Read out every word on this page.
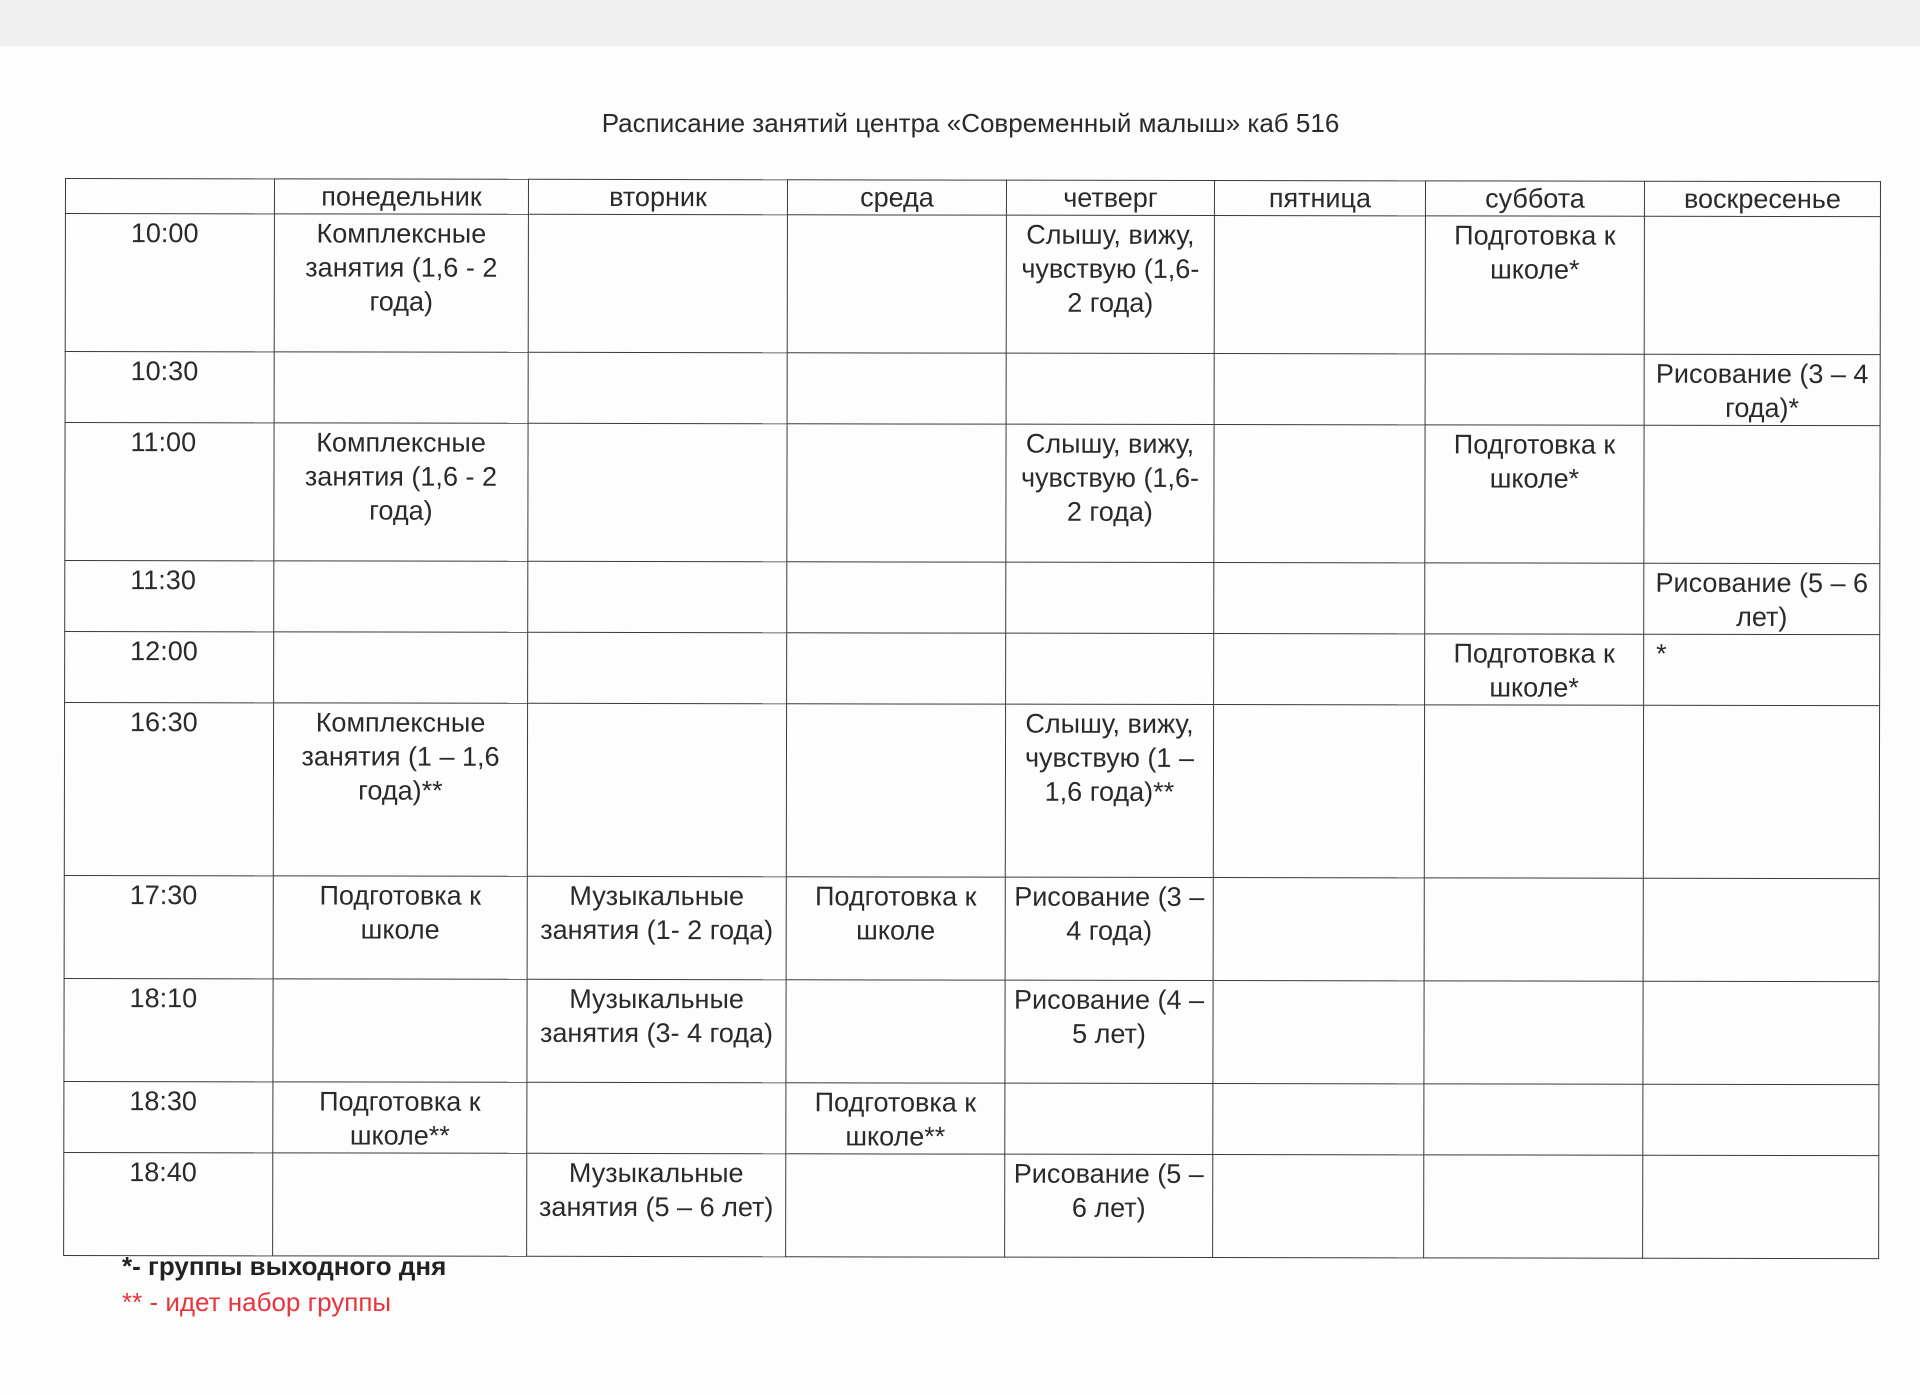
Расписание занятий центра «Современный малыш» каб 516
	понедельник	вторник	среда	четверг	пятница	суббота	воскресенье
10:00	Комплексные занятия (1,6 - 2 года)			Слышу, вижу, чувствую (1,6- 2 года)		Подготовка к школе*	
10:30							Рисование (3 – 4 года)*
11:00	Комплексные занятия (1,6 - 2 года)			Слышу, вижу, чувствую (1,6- 2 года)		Подготовка к школе*	
11:30							Рисование (5 – 6 лет)
12:00						Подготовка к школе*	*
16:30	Комплексные занятия (1 – 1,6 года)**			Слышу, вижу, чувствую (1 – 1,6 года)**			
17:30	Подготовка к школе	Музыкальные занятия (1- 2 года)	Подготовка к школе	Рисование (3 – 4 года)			
18:10		Музыкальные занятия (3- 4 года)		Рисование (4 – 5 лет)			
18:30	Подготовка к школе**		Подготовка к школе**				
18:40		Музыкальные занятия (5 – 6 лет)		Рисование (5 – 6 лет)			
*- группы выходного дня
** - идет набор группы
